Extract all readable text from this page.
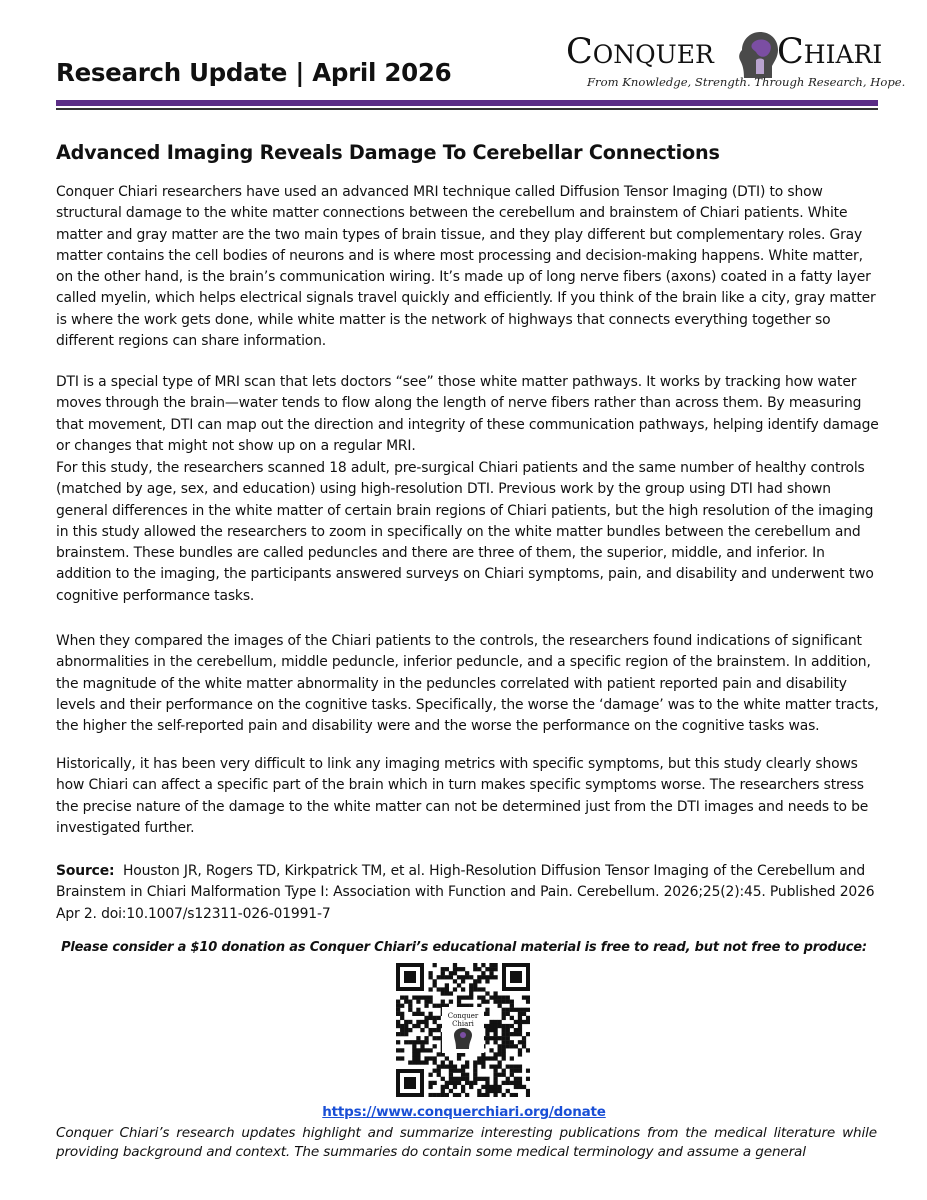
Research Update | April 2026
Conquer Chiari
From Knowledge, Strength. Through Research, Hope.
Advanced Imaging Reveals Damage To Cerebellar Connections

Conquer Chiari researchers have used an advanced MRI technique called Diffusion Tensor Imaging (DTI) to show structural damage to the white matter connections between the cerebellum and brainstem of Chiari patients. White matter and gray matter are the two main types of brain tissue, and they play different but complementary roles. Gray matter contains the cell bodies of neurons and is where most processing and decision-making happens. White matter, on the other hand, is the brain’s communication wiring. It’s made up of long nerve fibers (axons) coated in a fatty layer called myelin, which helps electrical signals travel quickly and efficiently. If you think of the brain like a city, gray matter is where the work gets done, while white matter is the network of highways that connects everything together so different regions can share information.

DTI is a special type of MRI scan that lets doctors “see” those white matter pathways. It works by tracking how water moves through the brain—water tends to flow along the length of nerve fibers rather than across them. By measuring that movement, DTI can map out the direction and integrity of these communication pathways, helping identify damage or changes that might not show up on a regular MRI.

For this study, the researchers scanned 18 adult, pre-surgical Chiari patients and the same number of healthy controls (matched by age, sex, and education) using high-resolution DTI. Previous work by the group using DTI had shown general differences in the white matter of certain brain regions of Chiari patients, but the high resolution of the imaging in this study allowed the researchers to zoom in specifically on the white matter bundles between the cerebellum and brainstem. These bundles are called peduncles and there are three of them, the superior, middle, and inferior. In addition to the imaging, the participants answered surveys on Chiari symptoms, pain, and disability and underwent two cognitive performance tasks.

When they compared the images of the Chiari patients to the controls, the researchers found indications of significant abnormalities in the cerebellum, middle peduncle, inferior peduncle, and a specific region of the brainstem. In addition, the magnitude of the white matter abnormality in the peduncles correlated with patient reported pain and disability levels and their performance on the cognitive tasks. Specifically, the worse the ‘damage’ was to the white matter tracts, the higher the self-reported pain and disability were and the worse the performance on the cognitive tasks was.

Historically, it has been very difficult to link any imaging metrics with specific symptoms, but this study clearly shows how Chiari can affect a specific part of the brain which in turn makes specific symptoms worse. The researchers stress the precise nature of the damage to the white matter can not be determined just from the DTI images and needs to be investigated further.

Source: Houston JR, Rogers TD, Kirkpatrick TM, et al. High-Resolution Diffusion Tensor Imaging of the Cerebellum and Brainstem in Chiari Malformation Type I: Association with Function and Pain. Cerebellum. 2026;25(2):45. Published 2026 Apr 2. doi:10.1007/s12311-026-01991-7

Please consider a $10 donation as Conquer Chiari’s educational material is free to read, but not free to produce:

Conquer
Chiari
https://www.conquerchiari.org/donate

Conquer Chiari’s research updates highlight and summarize interesting publications from the medical literature while providing background and context. The summaries do contain some medical terminology and assume a general
